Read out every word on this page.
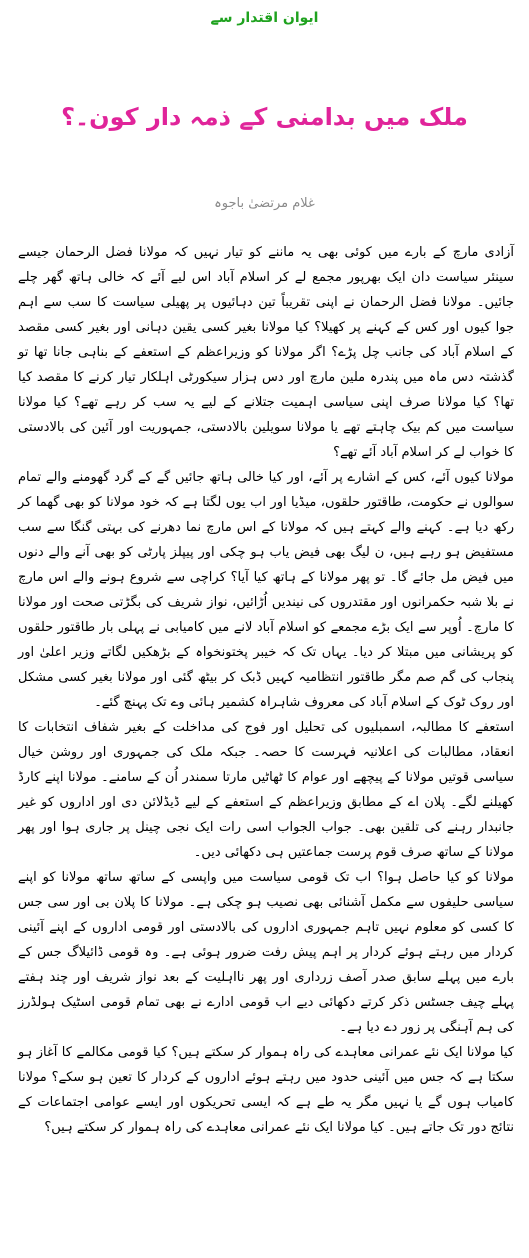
ایوان اقتدار سے
ملک میں بدامنی کے ذمہ دار کون۔؟
غلام مرتضیٰ باجوہ

آزادی مارچ کے بارے میں کوئی بھی یہ ماننے کو تیار نہیں کہ مولانا فضل الرحمان جیسے سینئر سیاست دان ایک بھرپور مجمع لے کر اسلام آباد اس لیے آئے کہ خالی ہاتھ گھر چلے جائیں۔ مولانا فضل الرحمان نے اپنی تقریباً تین دہائیوں پر پھیلی سیاست کا سب سے اہم جوا کیوں اور کس کے کہنے پر کھیلا؟ کیا مولانا بغیر کسی یقین دہانی اور بغیر کسی مقصد کے اسلام آباد کی جانب چل پڑے؟ اگر مولانا کو وزیراعظم کے استعفے کے بناہی جانا تھا تو گذشتہ دس ماہ میں پندرہ ملین مارچ اور دس ہزار سیکورٹی اہلکار تیار کرنے کا مقصد کیا تھا؟ کیا مولانا صرف اپنی سیاسی اہمیت جتلانے کے لیے یہ سب کر رہے تھے؟ کیا مولانا سیاست میں کم بیک چاہتے تھے یا مولانا سویلین بالادستی، جمہوریت اور آئین کی بالادستی کا خواب لے کر اسلام آباد آئے تھے؟

مولانا کیوں آئے، کس کے اشارے پر آئے، اور کیا خالی ہاتھ جائیں گے کے گرد گھومنے والے تمام سوالوں نے حکومت، طاقتور حلقوں، میڈیا اور اب یوں لگتا ہے کہ خود مولانا کو بھی گھما کر رکھ دیا ہے۔ کہنے والے کہتے ہیں کہ مولانا کے اس مارچ نما دھرنے کی بہتی گنگا سے سب مستفیض ہو رہے ہیں، ن لیگ بھی فیض یاب ہو چکی اور پیپلز پارٹی کو بھی آنے والے دنوں میں فیض مل جائے گا۔ تو پھر مولانا کے ہاتھ کیا آیا؟ کراچی سے شروع ہونے والے اس مارچ نے بلا شبہ حکمرانوں اور مقتدروں کی نیندیں اُڑائیں، نواز شریف کی بگڑتی صحت اور مولانا کا مارچ۔ اُوپر سے ایک بڑے مجمعے کو اسلام آباد لانے میں کامیابی نے پہلی بار طاقتور حلقوں کو پریشانی میں مبتلا کر دیا۔ یہاں تک کہ خیبر پختونخواہ کے بڑھکیں لگاتے وزیر اعلیٰ اور پنجاب کی گم صم مگر طاقتور انتظامیہ کہیں ڈبک کر بیٹھ گئی اور مولانا بغیر کسی مشکل اور روک ٹوک کے اسلام آباد کی معروف شاہراہ کشمیر ہائی وے تک پہنچ گئے۔

استعفے کا مطالبہ، اسمبلیوں کی تحلیل اور فوج کی مداخلت کے بغیر شفاف انتخابات کا انعقاد، مطالبات کی اعلانیہ فہرست کا حصہ۔ جبکہ ملک کی جمہوری اور روشن خیال سیاسی قوتیں مولانا کے پیچھے اور عوام کا ٹھاٹیں مارتا سمندر اُن کے سامنے۔ مولانا اپنے کارڈ کھیلنے لگے۔ پلان اے کے مطابق وزیراعظم کے استعفے کے لیے ڈیڈلائن دی اور اداروں کو غیر جانبدار رہنے کی تلقین بھی۔ جواب الجواب اسی رات ایک نجی چینل پر جاری ہوا اور پھر مولانا کے ساتھ صرف قوم پرست جماعتیں ہی دکھائی دیں۔

مولانا کو کیا حاصل ہوا؟ اب تک قومی سیاست میں واپسی کے ساتھ ساتھ مولانا کو اپنے سیاسی حلیفوں سے مکمل آشنائی بھی نصیب ہو چکی ہے۔ مولانا کا پلان بی اور سی جس کا کسی کو معلوم نہیں تاہم جمہوری اداروں کی بالادستی اور قومی اداروں کے اپنے آئینی کردار میں رہتے ہوئے کردار پر اہم پیش رفت ضرور ہوئی ہے۔ وہ قومی ڈائیلاگ جس کے بارے میں پہلے سابق صدر آصف زرداری اور پھر نااہلیت کے بعد نواز شریف اور چند ہفتے پہلے چیف جسٹس ذکر کرتے دکھائی دیے اب قومی ادارے نے بھی تمام قومی اسٹیک ہولڈرز کی ہم آہنگی پر زور دے دیا ہے۔

کیا مولانا ایک نئے عمرانی معاہدے کی راہ ہموار کر سکتے ہیں؟ کیا قومی مکالمے کا آغاز ہو سکتا ہے کہ جس میں آئینی حدود میں رہتے ہوئے اداروں کے کردار کا تعین ہو سکے؟ مولانا کامیاب ہوں گے یا نہیں مگر یہ طے ہے کہ ایسی تحریکوں اور ایسے عوامی اجتماعات کے نتائج دور تک جاتے ہیں۔ کیا مولانا ایک نئے عمرانی معاہدے کی راہ ہموار کر سکتے ہیں؟
